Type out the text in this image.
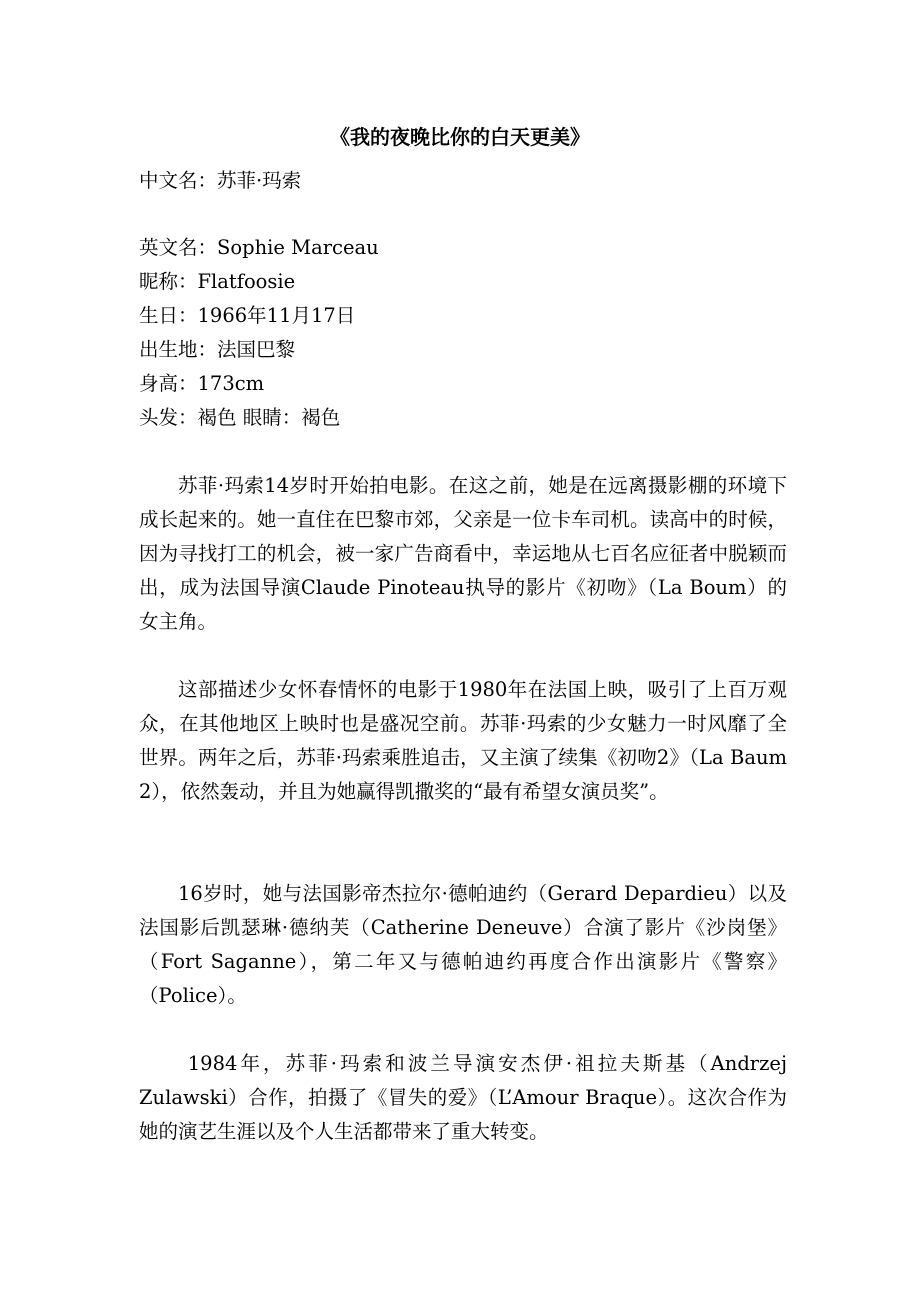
《我的夜晚比你的白天更美》
中文名：苏菲·玛索
英文名：Sophie Marceau
昵称：Flatfoosie
生日：1966年11月17日
出生地：法国巴黎
身高：173cm
头发：褐色 眼睛：褐色
苏菲·玛索14岁时开始拍电影。在这之前，她是在远离摄影棚的环境下成长起来的。她一直住在巴黎市郊，父亲是一位卡车司机。读高中的时候，因为寻找打工的机会，被一家广告商看中，幸运地从七百名应征者中脱颖而出，成为法国导演Claude Pinoteau执导的影片《初吻》（La Boum）的女主角。
这部描述少女怀春情怀的电影于1980年在法国上映，吸引了上百万观众，在其他地区上映时也是盛况空前。苏菲·玛索的少女魅力一时风靡了全世界。两年之后，苏菲·玛索乘胜追击，又主演了续集《初吻2》（La Baum 2），依然轰动，并且为她赢得凯撒奖的“最有希望女演员奖”。
16岁时，她与法国影帝杰拉尔·德帕迪约（Gerard Depardieu）以及法国影后凯瑟琳·德纳芙（Catherine Deneuve）合演了影片《沙岗堡》（Fort Saganne），第二年又与德帕迪约再度合作出演影片《警察》（Police）。
1984年，苏菲·玛索和波兰导演安杰伊·祖拉夫斯基（Andrzej Zulawski）合作，拍摄了《冒失的爱》（L’Amour Braque）。这次合作为她的演艺生涯以及个人生活都带来了重大转变。
